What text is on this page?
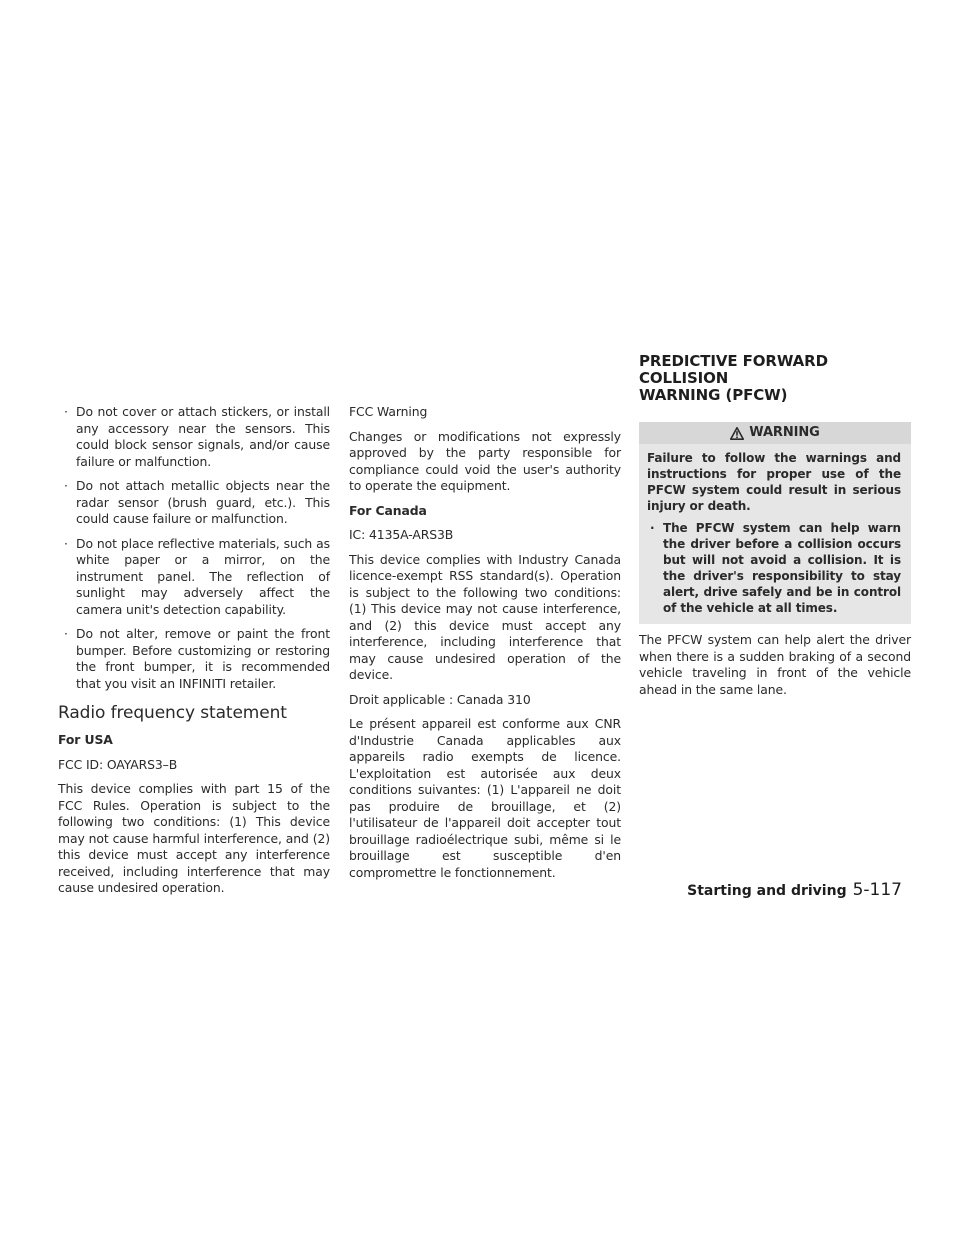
· Do not cover or attach stickers, or install any accessory near the sensors. This could block sensor signals, and/or cause failure or malfunction.
· Do not attach metallic objects near the radar sensor (brush guard, etc.). This could cause failure or malfunction.
· Do not place reflective materials, such as white paper or a mirror, on the instrument panel. The reflection of sunlight may adversely affect the camera unit's detection capability.
· Do not alter, remove or paint the front bumper. Before customizing or restoring the front bumper, it is recommended that you visit an INFINITI retailer.
Radio frequency statement

For USA

FCC ID: OAYARS3–B

This device complies with part 15 of the FCC Rules. Operation is subject to the following two conditions: (1) This device may not cause harmful interference, and (2) this device must accept any interference received, including interference that may cause undesired operation.

FCC Warning

Changes or modifications not expressly approved by the party responsible for compliance could void the user's authority to operate the equipment.

For Canada

IC: 4135A-ARS3B

This device complies with Industry Canada licence-exempt RSS standard(s). Operation is subject to the following two conditions: (1) This device may not cause interference, and (2) this device must accept any interference, including interference that may cause undesired operation of the device.

Droit applicable : Canada 310

Le présent appareil est conforme aux CNR d'Industrie Canada applicables aux appareils radio exempts de licence. L'exploitation est autorisée aux deux conditions suivantes: (1) L'appareil ne doit pas produire de brouillage, et (2) l'utilisateur de l'appareil doit accepter tout brouillage radioélectrique subi, même si le brouillage est susceptible d'en compromettre le fonctionnement.

PREDICTIVE FORWARD COLLISION
WARNING (PFCW)
WARNING

Failure to follow the warnings and instructions for proper use of the PFCW system could result in serious injury or death.

· The PFCW system can help warn the driver before a collision occurs but will not avoid a collision. It is the driver's responsibility to stay alert, drive safely and be in control of the vehicle at all times.

The PFCW system can help alert the driver when there is a sudden braking of a second vehicle traveling in front of the vehicle ahead in the same lane.

Starting and driving 5-117
